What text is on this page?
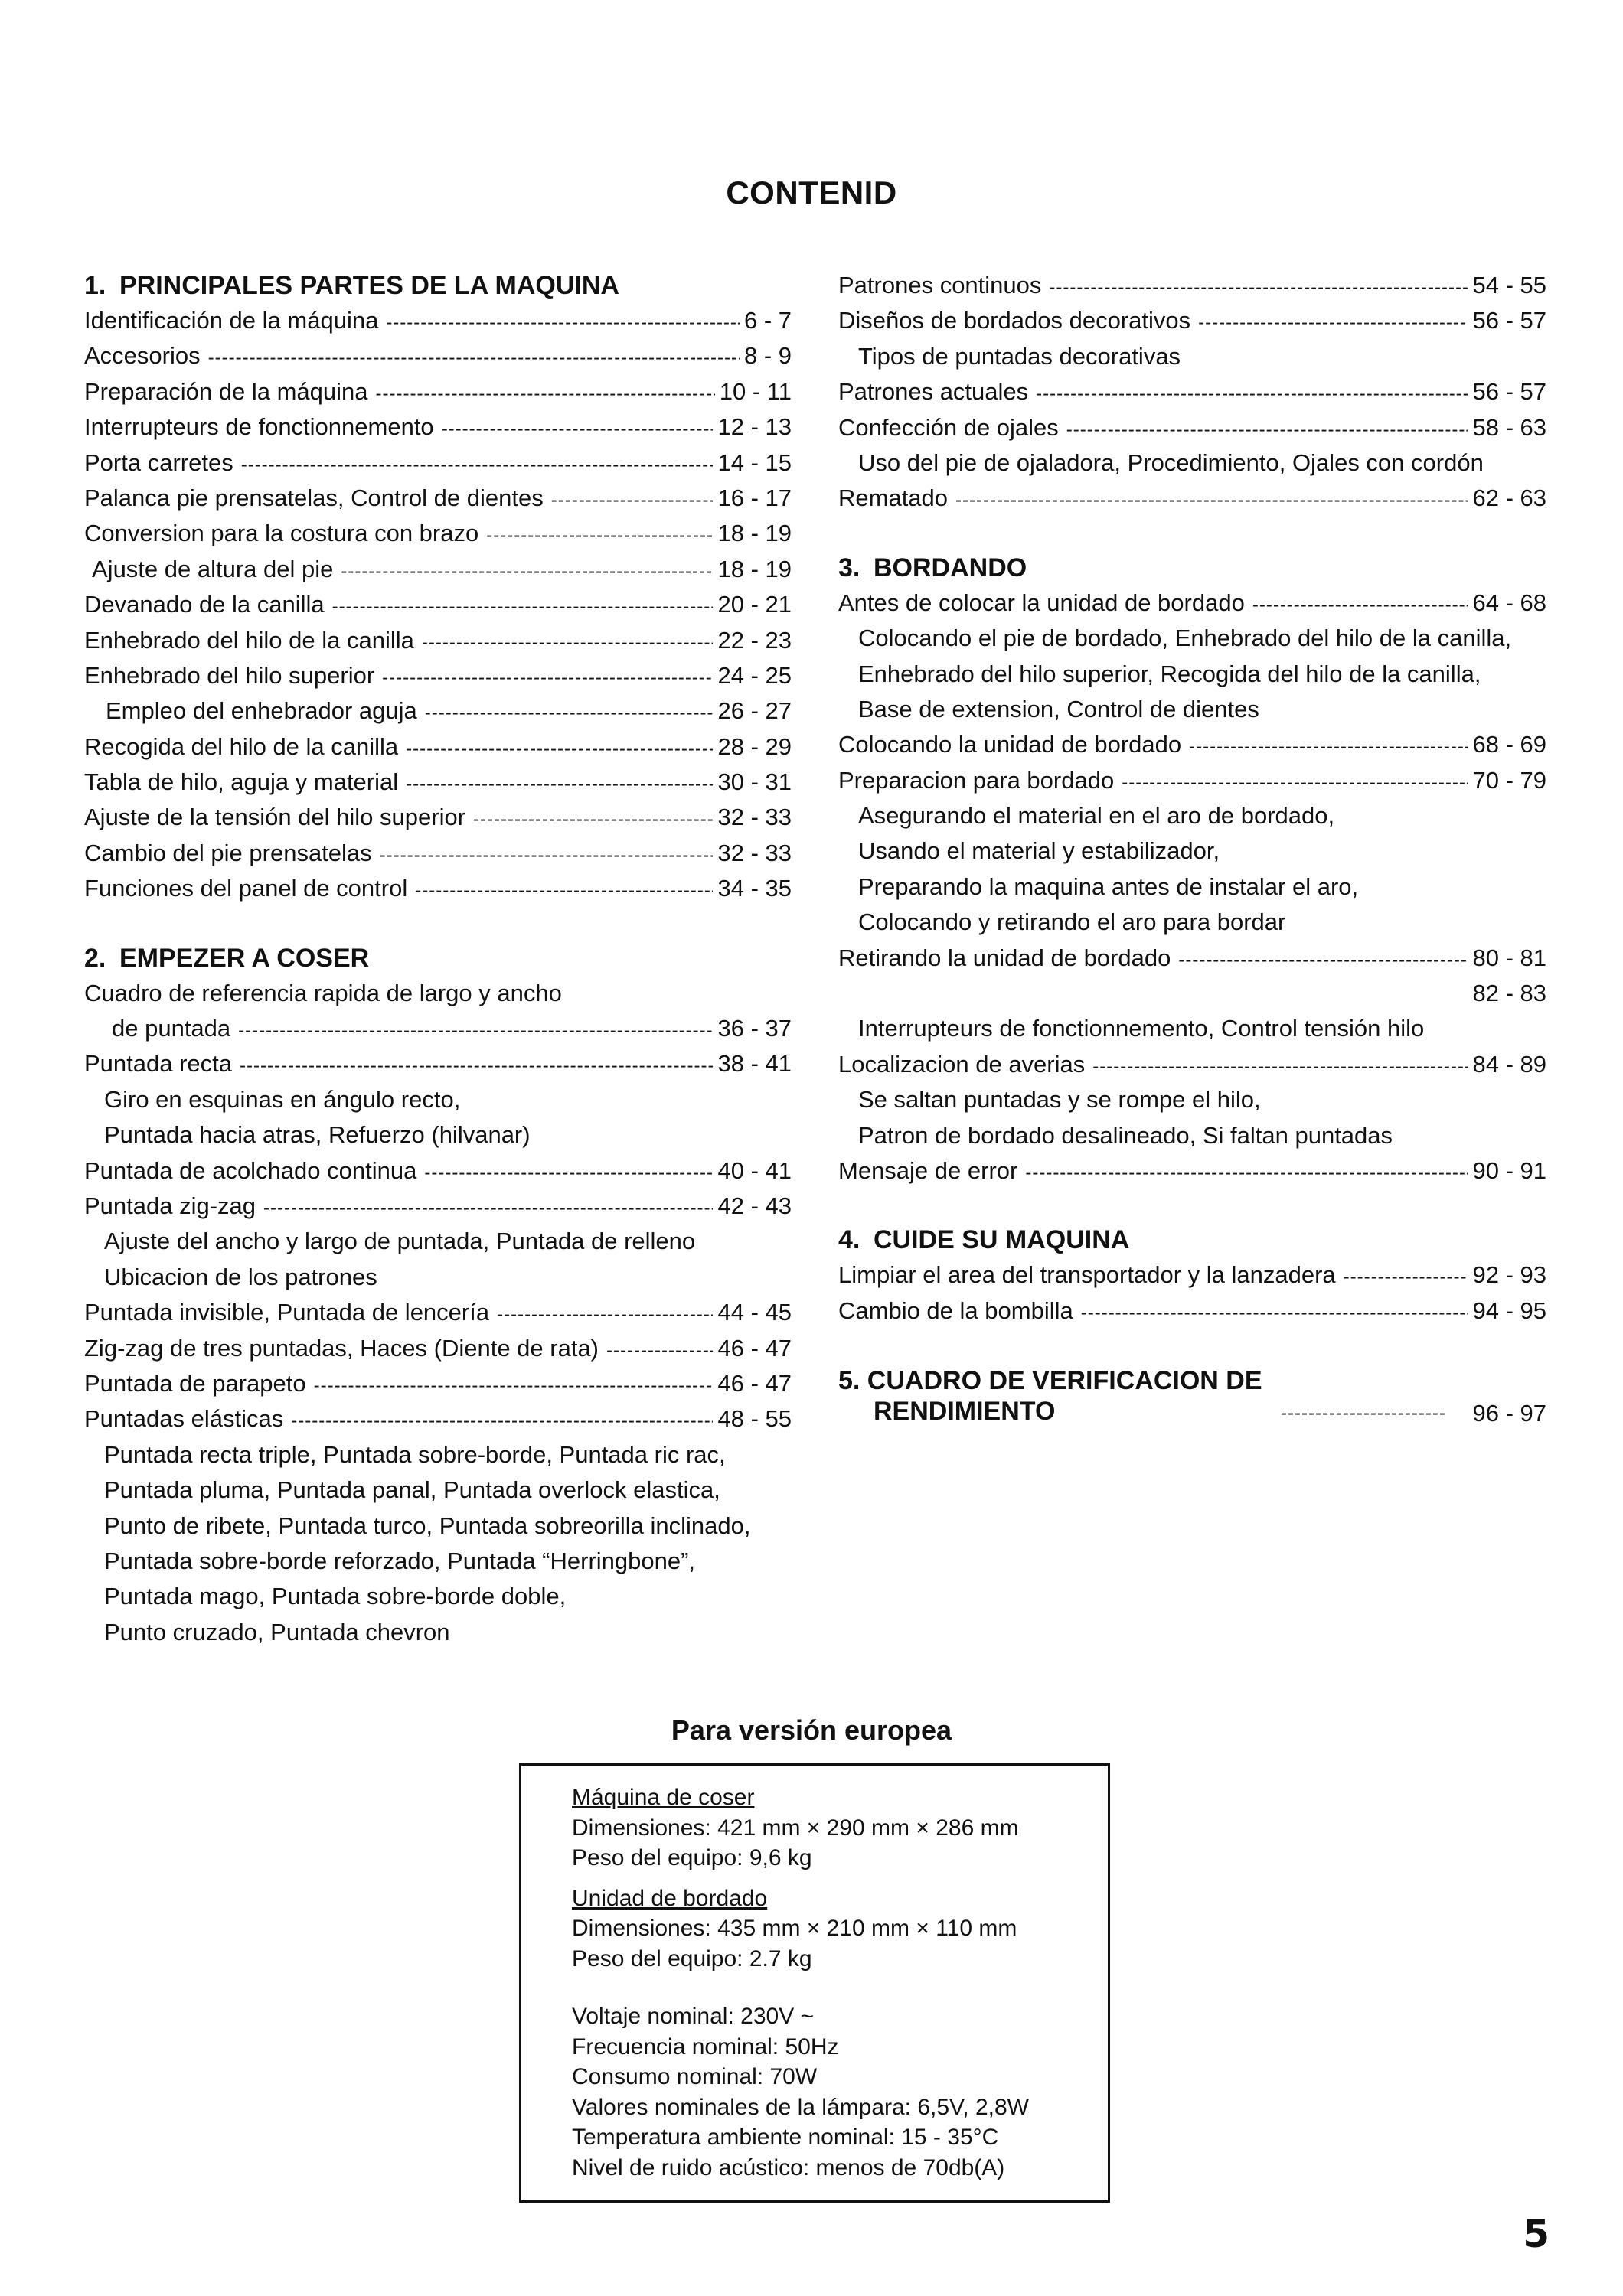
CONTENID
1. PRINCIPALES PARTES DE LA MAQUINA
Identificación de la máquina -----	6 - 7
Accesorios -----	8 - 9
Preparación de la máquina -----	10 - 11
Interrupteurs de fonctionnemento -----	12 - 13
Porta carretes -----	14 - 15
Palanca pie prensatelas, Control de dientes -----	16 - 17
Conversion para la costura con brazo -----	18 - 19
Ajuste de altura del pie -----	18 - 19
Devanado de la canilla -----	20 - 21
Enhebrado del hilo de la canilla -----	22 - 23
Enhebrado del hilo superior -----	24 - 25
Empleo del enhebrador aguja -----	26 - 27
Recogida del hilo de la canilla -----	28 - 29
Tabla de hilo, aguja y material -----	30 - 31
Ajuste de la tensión del hilo superior -----	32 - 33
Cambio del pie prensatelas -----	32 - 33
Funciones del panel de control -----	34 - 35
2. EMPEZER A COSER
Cuadro de referencia rapida de largo y ancho
de puntada -----	36 - 37
Puntada recta -----	38 - 41
Giro en esquinas en ángulo recto,
Puntada hacia atras, Refuerzo (hilvanar)
Puntada de acolchado continua -----	40 - 41
Puntada zig-zag -----	42 - 43
Ajuste del ancho y largo de puntada, Puntada de relleno
Ubicacion de los patrones
Puntada invisible, Puntada de lencería -----	44 - 45
Zig-zag de tres puntadas, Haces (Diente de rata) -----	46 - 47
Puntada de parapeto -----	46 - 47
Puntadas elásticas -----	48 - 55
Puntada recta triple, Puntada sobre-borde, Puntada ric rac,
Puntada pluma, Puntada panal, Puntada overlock elastica,
Punto de ribete, Puntada turco, Puntada sobreorilla inclinado,
Puntada sobre-borde reforzado, Puntada “Herringbone”,
Puntada mago, Puntada sobre-borde doble,
Punto cruzado, Puntada chevron
Patrones continuos -----	54 - 55
Diseños de bordados decorativos -----	56 - 57
Tipos de puntadas decorativas
Patrones actuales -----	56 - 57
Confección de ojales -----	58 - 63
Uso del pie de ojaladora, Procedimiento, Ojales con cordón
Rematado -----	62 - 63
3. BORDANDO
Antes de colocar la unidad de bordado -----	64 - 68
Colocando el pie de bordado, Enhebrado del hilo de la canilla,
Enhebrado del hilo superior, Recogida del hilo de la canilla,
Base de extension, Control de dientes
Colocando la unidad de bordado -----	68 - 69
Preparacion para bordado -----	70 - 79
Asegurando el material en el aro de bordado,
Usando el material y estabilizador,
Preparando la maquina antes de instalar el aro,
Colocando y retirando el aro para bordar
Retirando la unidad de bordado -----	80 - 81
82 - 83
Interrupteurs de fonctionnemento, Control tensión hilo
Localizacion de averias -----	84 - 89
Se saltan puntadas y se rompe el hilo,
Patron de bordado desalineado, Si faltan puntadas
Mensaje de error -----	90 - 91
4. CUIDE SU MAQUINA
Limpiar el area del transportador y la lanzadera -----	92 - 93
Cambio de la bombilla -----	94 - 95
5. CUADRO DE VERIFICACION DE
RENDIMIENTO -----	96 - 97
Para versión europea
Máquina de coser
Dimensiones: 421 mm × 290 mm × 286 mm
Peso del equipo: 9,6 kg
Unidad de bordado
Dimensiones: 435 mm × 210 mm × 110 mm
Peso del equipo: 2.7 kg
Voltaje nominal: 230V ~
Frecuencia nominal: 50Hz
Consumo nominal: 70W
Valores nominales de la lámpara: 6,5V, 2,8W
Temperatura ambiente nominal: 15 - 35°C
Nivel de ruido acústico: menos de 70db(A)
5
